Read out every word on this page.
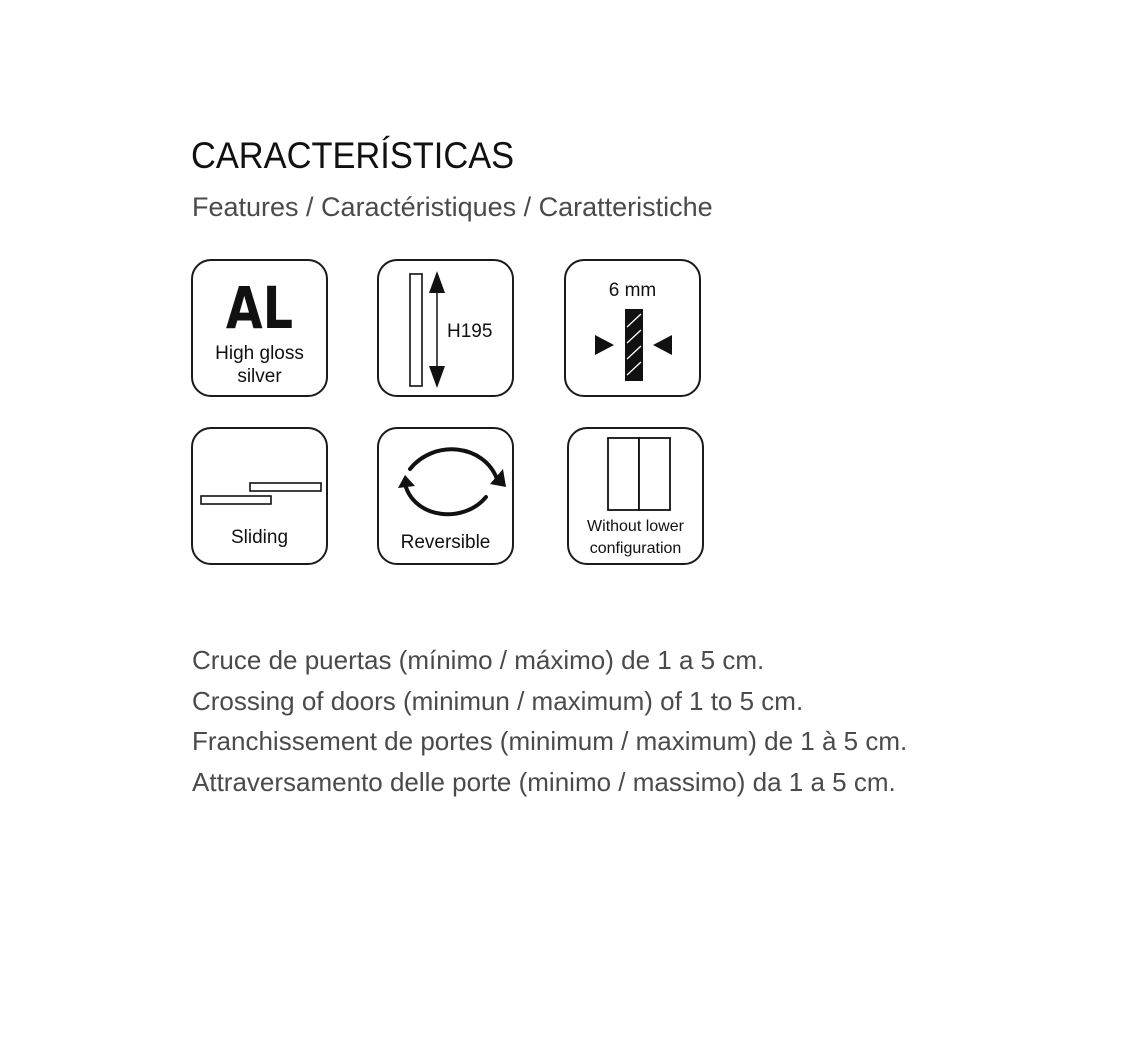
CARACTERÍSTICAS
Features / Caractéristiques / Caratteristiche
AL
High gloss
silver
H195
6 mm
Sliding	Reversible
Without lower
configuration
Cruce de puertas (mínimo / máximo) de 1 a 5 cm.
Crossing of doors (minimun / maximum) of 1 to 5 cm.
Franchissement de portes (minimum / maximum) de 1 à 5 cm.
Attraversamento delle porte (minimo / massimo) da 1 a 5 cm.
